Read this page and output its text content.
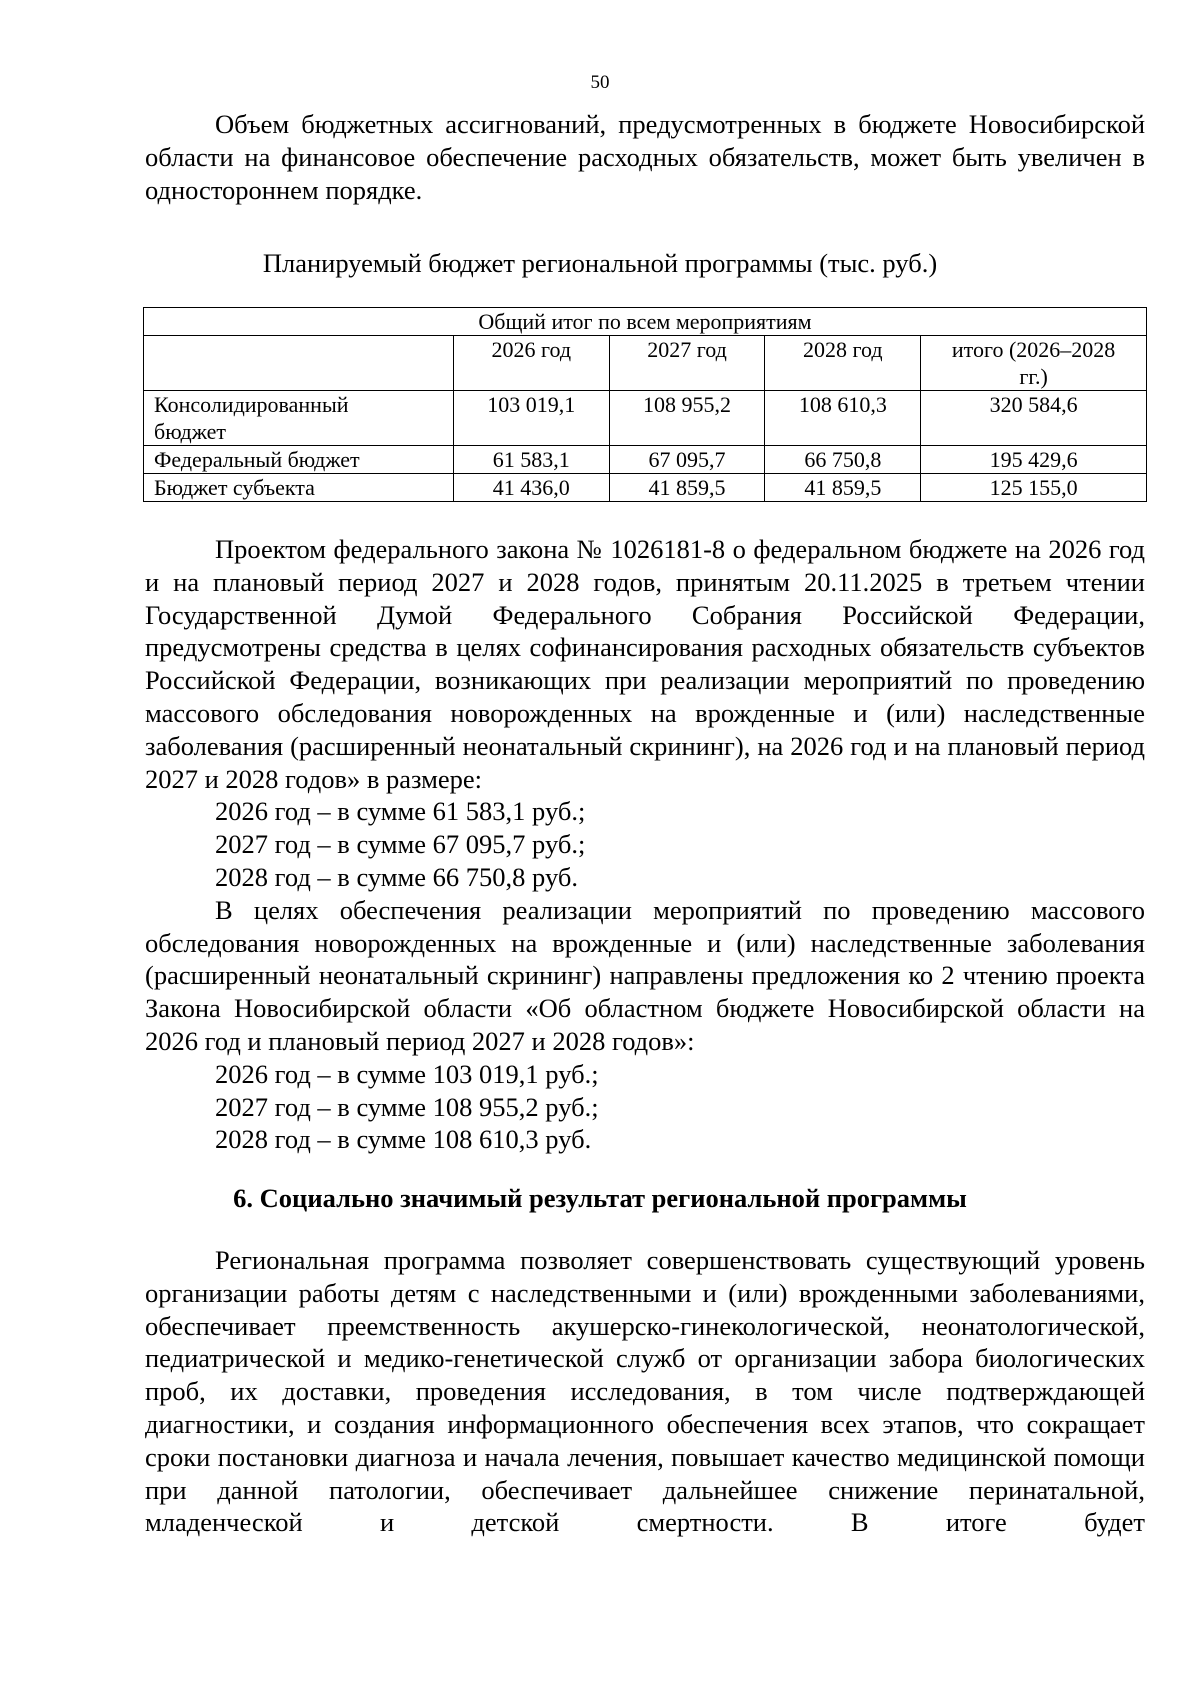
50

Объем бюджетных ассигнований, предусмотренных в бюджете Новосибирской области на финансовое обеспечение расходных обязательств, может быть увеличен в одностороннем порядке.

Планируемый бюджет региональной программы (тыс. руб.)
Общий итог по всем мероприятиям				
	2026 год	2027 год	2028 год	итого (2026–2028 гг.)
Консолидированный бюджет	103 019,1	108 955,2	108 610,3	320 584,6
Федеральный бюджет	61 583,1	67 095,7	66 750,8	195 429,6
Бюджет субъекта	41 436,0	41 859,5	41 859,5	125 155,0

Проектом федерального закона № 1026181-8 о федеральном бюджете на 2026 год и на плановый период 2027 и 2028 годов, принятым 20.11.2025 в третьем чтении Государственной Думой Федерального Собрания Российской Федерации, предусмотрены средства в целях софинансирования расходных обязательств субъектов Российской Федерации, возникающих при реализации мероприятий по проведению массового обследования новорожденных на врожденные и (или) наследственные заболевания (расширенный неонатальный скрининг), на 2026 год и на плановый период 2027 и 2028 годов» в размере:

2026 год – в сумме 61 583,1 руб.;

2027 год – в сумме 67 095,7 руб.;

2028 год – в сумме 66 750,8 руб.

В целях обеспечения реализации мероприятий по проведению массового обследования новорожденных на врожденные и (или) наследственные заболевания (расширенный неонатальный скрининг) направлены предложения ко 2 чтению проекта Закона Новосибирской области «Об областном бюджете Новосибирской области на 2026 год и плановый период 2027 и 2028 годов»:

2026 год – в сумме 103 019,1 руб.;

2027 год – в сумме 108 955,2 руб.;

2028 год – в сумме 108 610,3 руб.

6. Социально значимый результат региональной программы

Региональная программа позволяет совершенствовать существующий уровень организации работы детям с наследственными и (или) врожденными заболеваниями, обеспечивает преемственность акушерско-гинекологической, неонатологической, педиатрической и медико-генетической служб от организации забора биологических проб, их доставки, проведения исследования, в том числе подтверждающей диагностики, и создания информационного обеспечения всех этапов, что сокращает сроки постановки диагноза и начала лечения, повышает качество медицинской помощи при данной патологии, обеспечивает дальнейшее снижение перинатальной, младенческой и детской смертности. В итоге будет
